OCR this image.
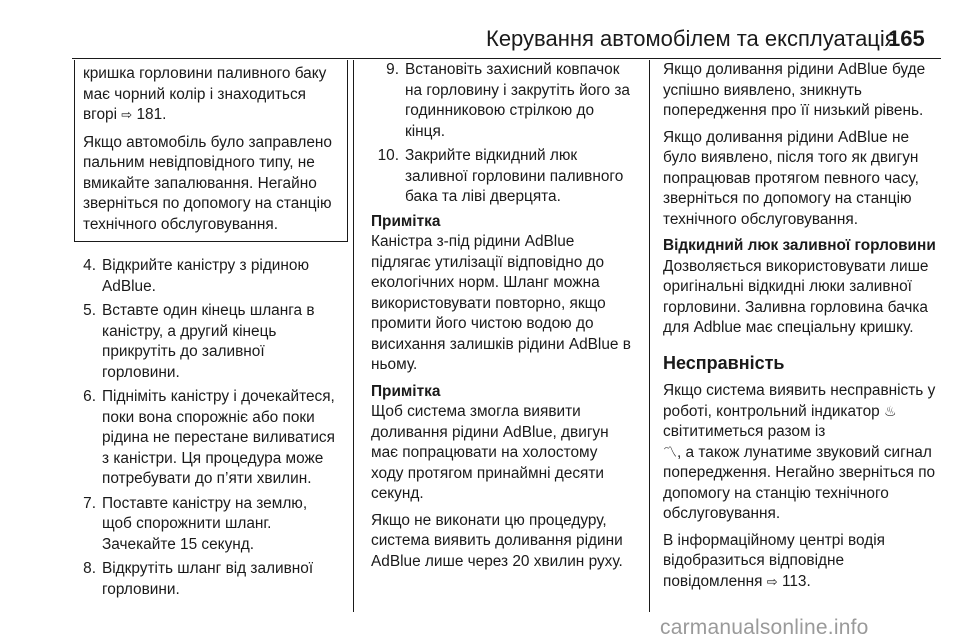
Керування автомобілем та експлуатація
165

кришка горловини паливного баку має чорний колір і знаходиться вгорі ⇨ 181.

Якщо автомобіль було заправлено пальним невідповідного типу, не вмикайте запалювання. Негайно зверніться по допомогу на станцію технічного обслуговування.

4. Відкрийте каністру з рідиною AdBlue.
5. Вставте один кінець шланга в каністру, а другий кінець прикрутіть до заливної горловини.
6. Підніміть каністру і дочекайтеся, поки вона спорожніє або поки рідина не перестане виливатися з каністри. Ця процедура може потребувати до п’яти хвилин.
7. Поставте каністру на землю, щоб спорожнити шланг. Зачекайте 15 секунд.
8. Відкрутіть шланг від заливної горловини.
9. Встановіть захисний ковпачок на горловину і закрутіть його за годинниковою стрілкою до кінця.
10. Закрийте відкидний люк заливної горловини паливного бака та ліві дверцята.
Примітка

Каністра з-під рідини AdBlue підлягає утилізації відповідно до екологічних норм. Шланг можна використовувати повторно, якщо промити його чистою водою до висихання залишків рідини AdBlue в ньому.

Примітка

Щоб система змогла виявити доливання рідини AdBlue, двигун має попрацювати на холостому ходу протягом принаймні десяти секунд.

Якщо не виконати цю процедуру, система виявить доливання рідини AdBlue лише через 20 хвилин руху.

Якщо доливання рідини AdBlue буде успішно виявлено, зникнуть попередження про її низький рівень.

Якщо доливання рідини AdBlue не було виявлено, після того як двигун попрацював протягом певного часу, зверніться по допомогу на станцію технічного обслуговування.

Відкидний люк заливної горловини

Дозволяється використовувати лише оригінальні відкидні люки заливної горловини. Заливна горловина бачка для Adblue має спеціальну кришку.

Несправність

Якщо система виявить несправність у роботі, контрольний індикатор ♨ світитиметься разом із
〽, а також лунатиме звуковий сигнал попередження. Негайно зверніться по допомогу на станцію технічного обслуговування.

В інформаційному центрі водія відобразиться відповідне повідомлення ⇨ 113.

carmanualsonline.info
